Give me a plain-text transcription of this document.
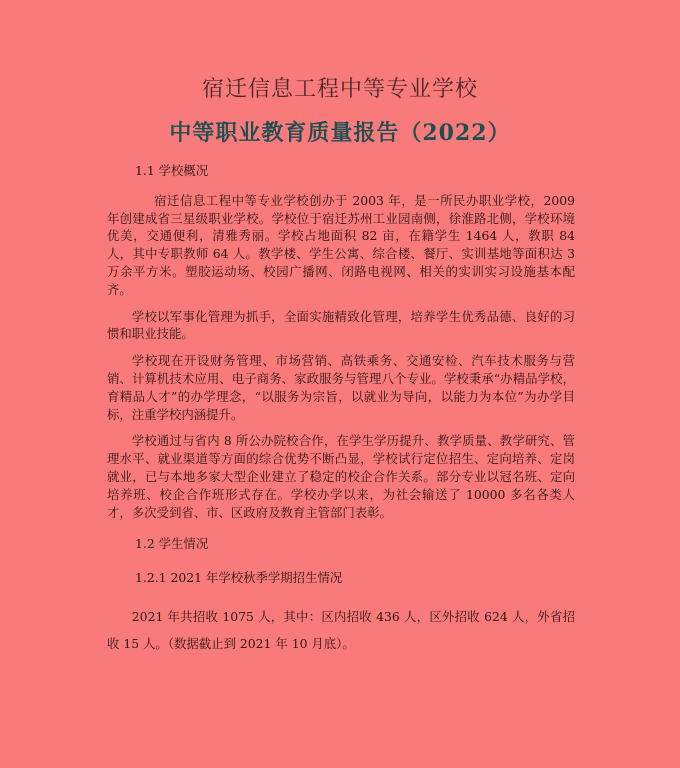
宿迁信息工程中等专业学校
中等职业教育质量报告（2022）
1.1 学校概况

宿迁信息工程中等专业学校创办于 2003 年，是一所民办职业学校，2009 年创建成省三星级职业学校。学校位于宿迁苏州工业园南侧，徐淮路北侧，学校环境优美，交通便利，清雅秀丽。学校占地面积 82 亩，在籍学生 1464 人，教职 84 人，其中专职教师 64 人。教学楼、学生公寓、综合楼、餐厅、实训基地等面积达 3 万余平方米。塑胶运动场、校园广播网、闭路电视网、相关的实训实习设施基本配齐。

学校以军事化管理为抓手，全面实施精致化管理，培养学生优秀品德、良好的习惯和职业技能。

学校现在开设财务管理、市场营销、高铁乘务、交通安检、汽车技术服务与营销、计算机技术应用、电子商务、家政服务与管理八个专业。学校秉承“办精品学校，育精品人才”的办学理念，“以服务为宗旨，以就业为导向，以能力为本位”为办学目标，注重学校内涵提升。

学校通过与省内 8 所公办院校合作，在学生学历提升、教学质量、教学研究、管理水平、就业渠道等方面的综合优势不断凸显，学校试行定位招生、定向培养、定岗就业，已与本地多家大型企业建立了稳定的校企合作关系。部分专业以冠名班、定向培养班、校企合作班形式存在。学校办学以来，为社会输送了 10000 多名各类人才，多次受到省、市、区政府及教育主管部门表彰。

1.2 学生情况
1.2.1 2021 年学校秋季学期招生情况

2021 年共招收 1075 人，其中：区内招收 436 人，区外招收 624 人，外省招收 15 人。（数据截止到 2021 年 10 月底）。
